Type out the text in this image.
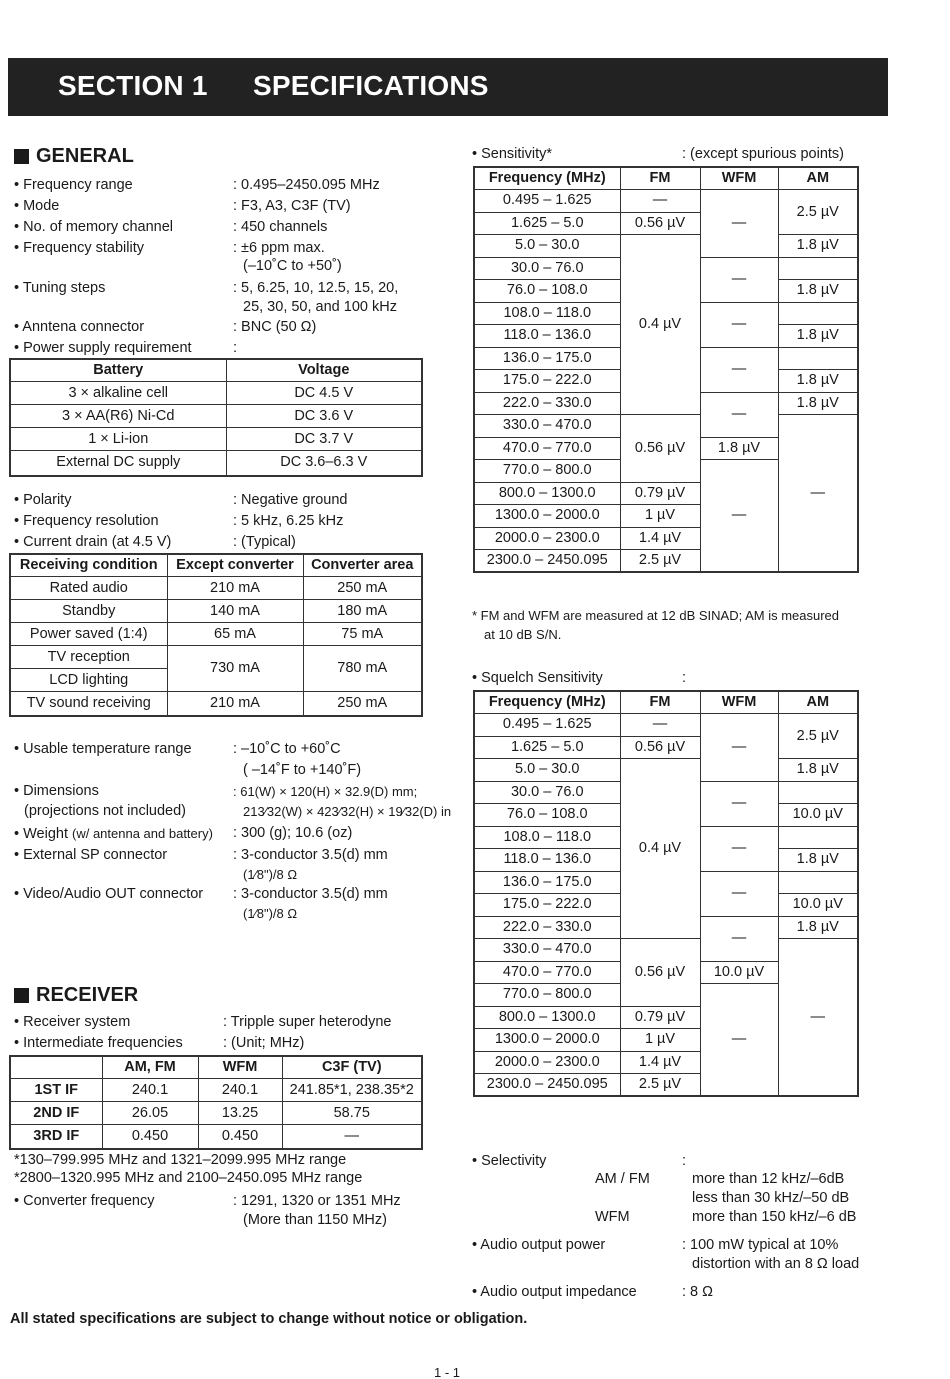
SECTION 1 SPECIFICATIONS
GENERAL
• Frequency range	: 0.495–2450.095 MHz
• Mode	: F3, A3, C3F (TV)
• No. of memory channel	: 450 channels
• Frequency stability	: ±6 ppm max.
(–10˚C to +50˚)
• Tuning steps	: 5, 6.25, 10, 12.5, 15, 20,
25, 30, 50, and 100 kHz
• Anntena connector	: BNC (50 Ω)
• Power supply requirement	:
Battery	Voltage
3 × alkaline cell	DC 4.5 V
3 × AA(R6) Ni-Cd	DC 3.6 V
1 × Li-ion	DC 3.7 V
External DC supply	DC 3.6–6.3 V
• Polarity	: Negative ground
• Frequency resolution	: 5 kHz, 6.25 kHz
• Current drain (at 4.5 V)	: (Typical)
Receiving condition	Except converter	Converter area
Rated audio	210 mA	250 mA
Standby	140 mA	180 mA
Power saved (1:4)	65 mA	75 mA
TV reception	730 mA	780 mA
LCD lighting		
TV sound receiving	210 mA	250 mA
• Usable temperature range	: –10˚C to +60˚C
( –14˚F to +140˚F)
• Dimensions
(projections not included)
: 61(W) × 120(H) × 32.9(D) mm;
213⁄32(W) × 423⁄32(H) × 19⁄32(D) in
• Weight (w/ antenna and battery) : 300 (g); 10.6 (oz)
• External SP connector	: 3-conductor 3.5(d) mm
(1⁄8")/8 Ω
• Video/Audio OUT connector : 3-conductor 3.5(d) mm
(1⁄8")/8 Ω
RECEIVER
• Receiver system	: Tripple super heterodyne
• Intermediate frequencies	: (Unit; MHz)
	AM, FM	WFM	C3F (TV)
1ST IF	240.1	240.1	241.85*1, 238.35*2
2ND IF	26.05	13.25	58.75
3RD IF	0.450	0.450	—
*130–799.995 MHz and 1321–2099.995 MHz range
*2800–1320.995 MHz and 2100–2450.095 MHz range
• Converter frequency	: 1291, 1320 or 1351 MHz
(More than 1150 MHz)
• Sensitivity*	: (except spurious points)
Frequency (MHz)	FM	WFM	AM
0.495 – 1.625	—	—	2.5 µV
1.625 – 5.0	0.56 µV		
5.0 – 30.0	0.4 µV		1.8 µV
30.0 – 76.0		—	
76.0 – 108.0			1.8 µV
108.0 – 118.0		—	
118.0 – 136.0			1.8 µV
136.0 – 175.0		—	
175.0 – 222.0			1.8 µV
222.0 – 330.0		—	1.8 µV
330.0 – 470.0	0.56 µV		—
470.0 – 770.0		1.8 µV	
770.0 – 800.0		—	
800.0 – 1300.0	0.79 µV		
1300.0 – 2000.0	1 µV		
2000.0 – 2300.0	1.4 µV		
2300.0 – 2450.095	2.5 µV		
* FM and WFM are measured at 12 dB SINAD; AM is measured
at 10 dB S/N.
• Squelch Sensitivity	:
Frequency (MHz)	FM	WFM	AM
0.495 – 1.625	—	—	2.5 µV
1.625 – 5.0	0.56 µV		
5.0 – 30.0	0.4 µV		1.8 µV
30.0 – 76.0		—	
76.0 – 108.0			10.0 µV
108.0 – 118.0		—	
118.0 – 136.0			1.8 µV
136.0 – 175.0		—	
175.0 – 222.0			10.0 µV
222.0 – 330.0		—	1.8 µV
330.0 – 470.0	0.56 µV		—
470.0 – 770.0		10.0 µV	
770.0 – 800.0		—	
800.0 – 1300.0	0.79 µV		
1300.0 – 2000.0	1 µV		
2000.0 – 2300.0	1.4 µV		
2300.0 – 2450.095	2.5 µV		
• Selectivity	:
AM / FM	more than 12 kHz/–6dB
less than 30 kHz/–50 dB
WFM	more than 150 kHz/–6 dB
• Audio output power	: 100 mW typical at 10%
distortion with an 8 Ω load
• Audio output impedance	: 8 Ω
All stated specifications are subject to change without notice or obligation.
1 - 1
